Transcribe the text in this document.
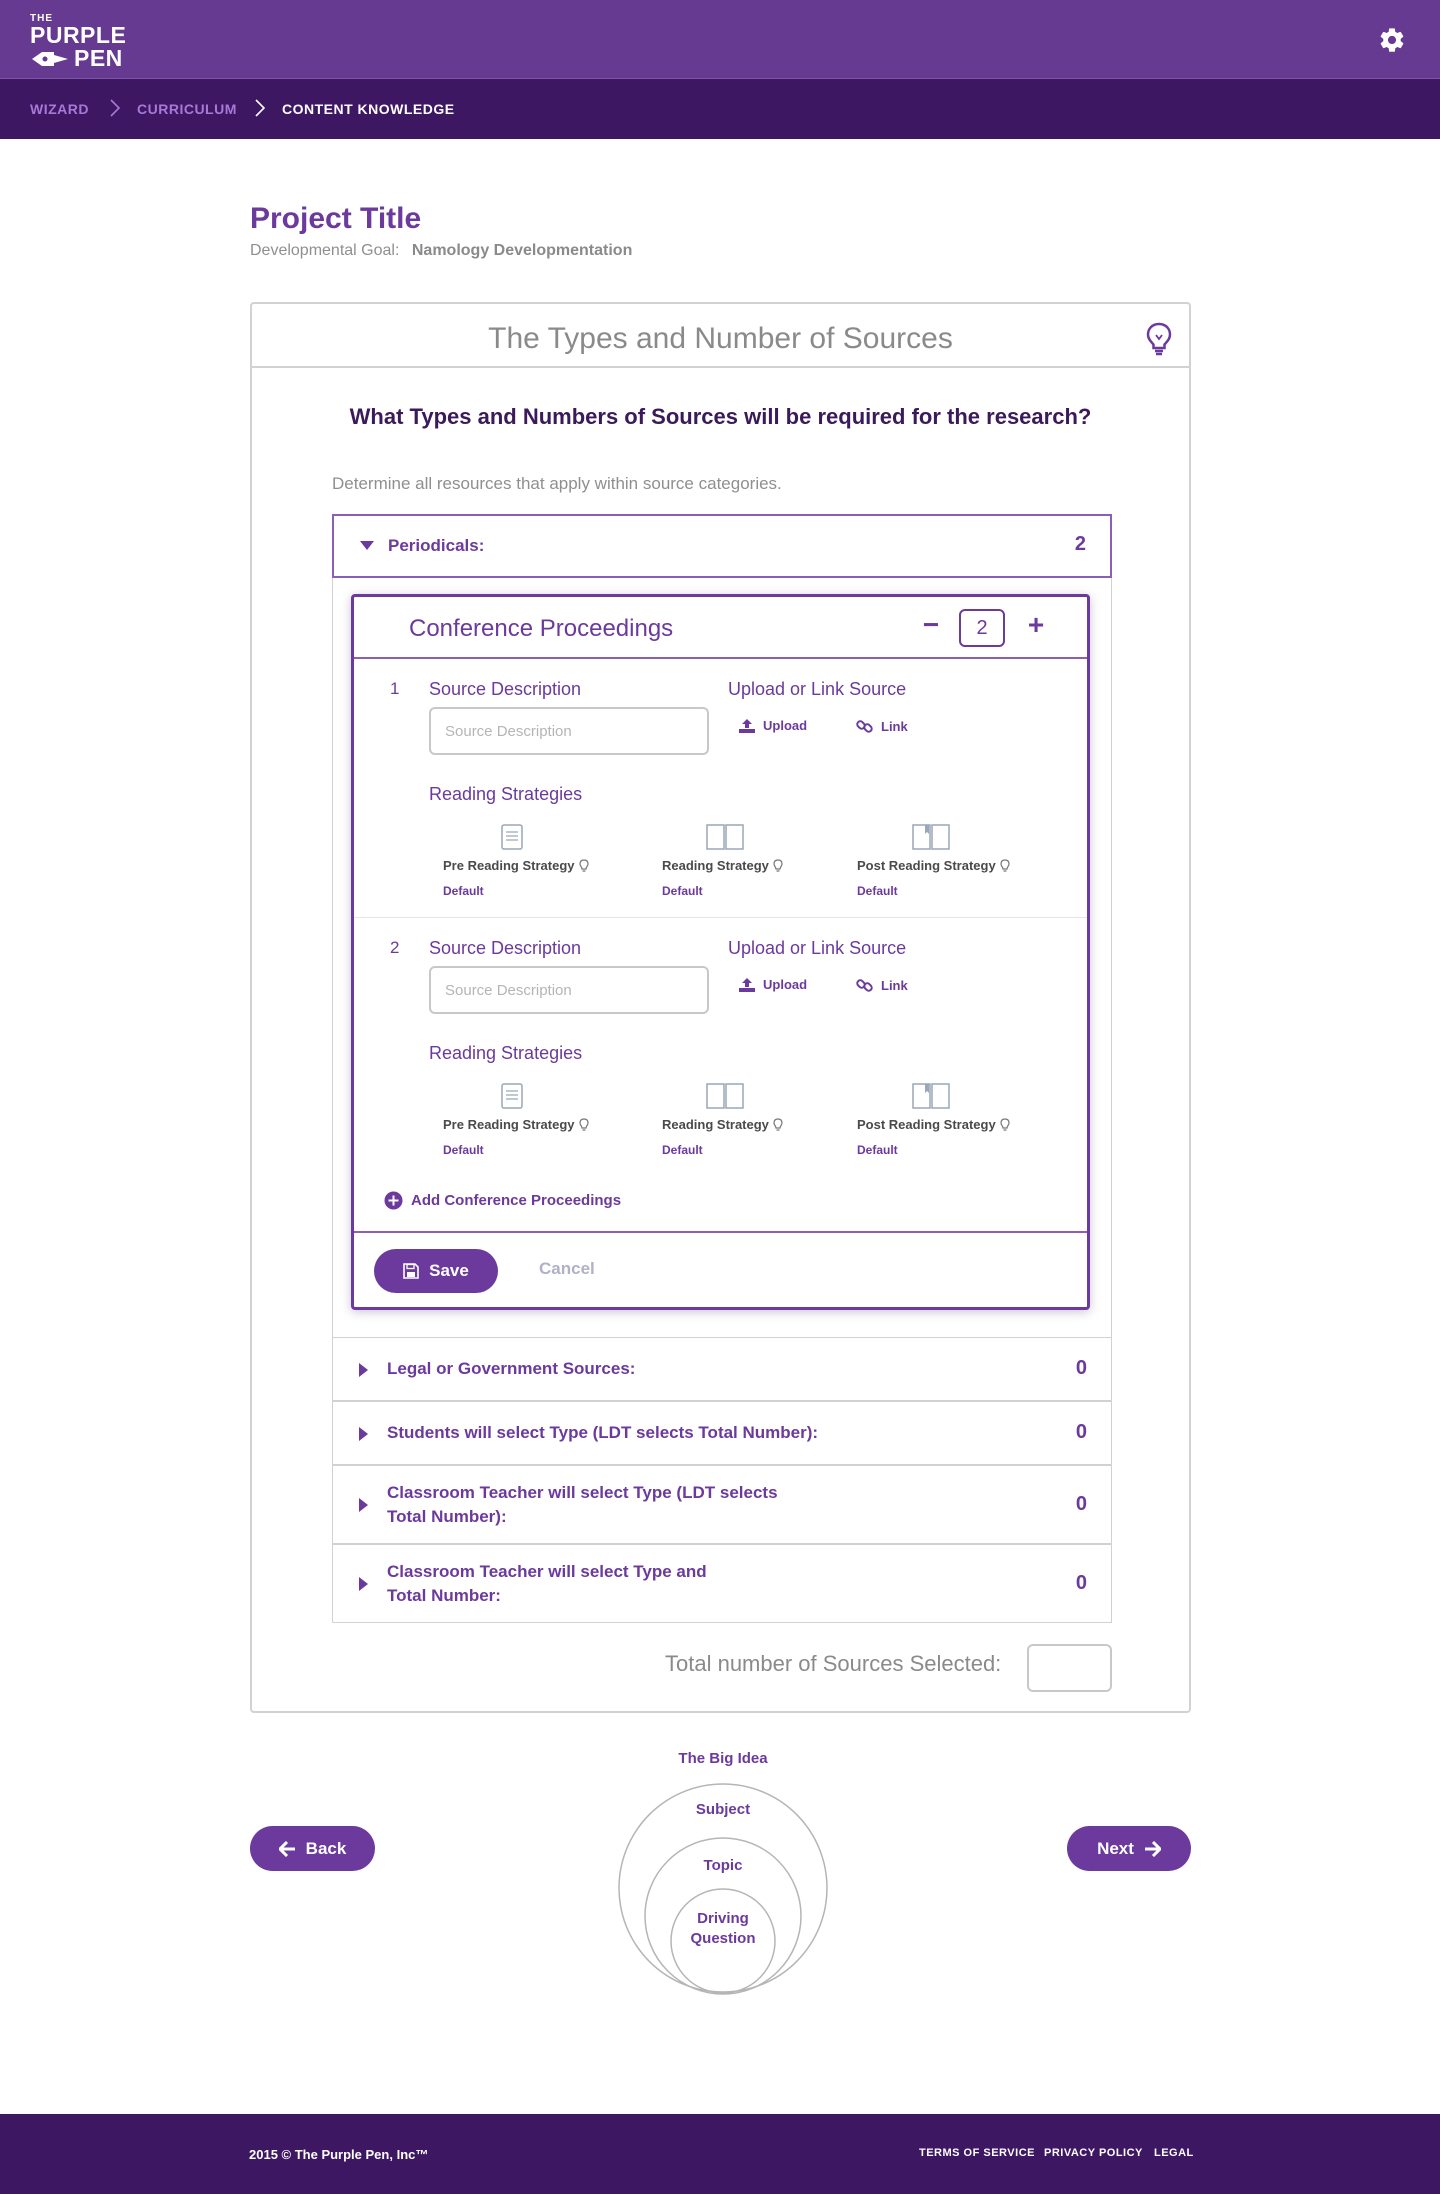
THE
PURPLE
PEN
WIZARD	CURRICULUM	CONTENT KNOWLEDGE
Project Title
Developmental Goal: Namology Developmentation
The Types and Number of Sources
What Types and Numbers of Sources will be required for the research?
Determine all resources that apply within source categories.
Periodicals:	2
Legal or Government Sources:	0
Students will select Type (LDT selects Total Number):	0
Classroom Teacher will select Type (LDT selects
Total Number):
0
Classroom Teacher will select Type and
Total Number:
0
Total number of Sources Selected:
Conference Proceedings	−	2	+
1 Source Description
Source Description	Upload or Link Source
Upload	Link
Reading Strategies
Pre Reading Strategy
Default
Reading Strategy
Default
Post Reading Strategy
Default
2 Source Description
Source Description	Upload or Link Source
Upload	Link
Reading Strategies
Pre Reading Strategy
Default
Reading Strategy
Default
Post Reading Strategy
Default
Add Conference Proceedings
Save	Cancel
Back
The Big Idea
Subject
Topic
Driving
Question
Next
2015 © The Purple Pen, Inc™	TERMS OF SERVICE PRIVACY POLICY LEGAL
